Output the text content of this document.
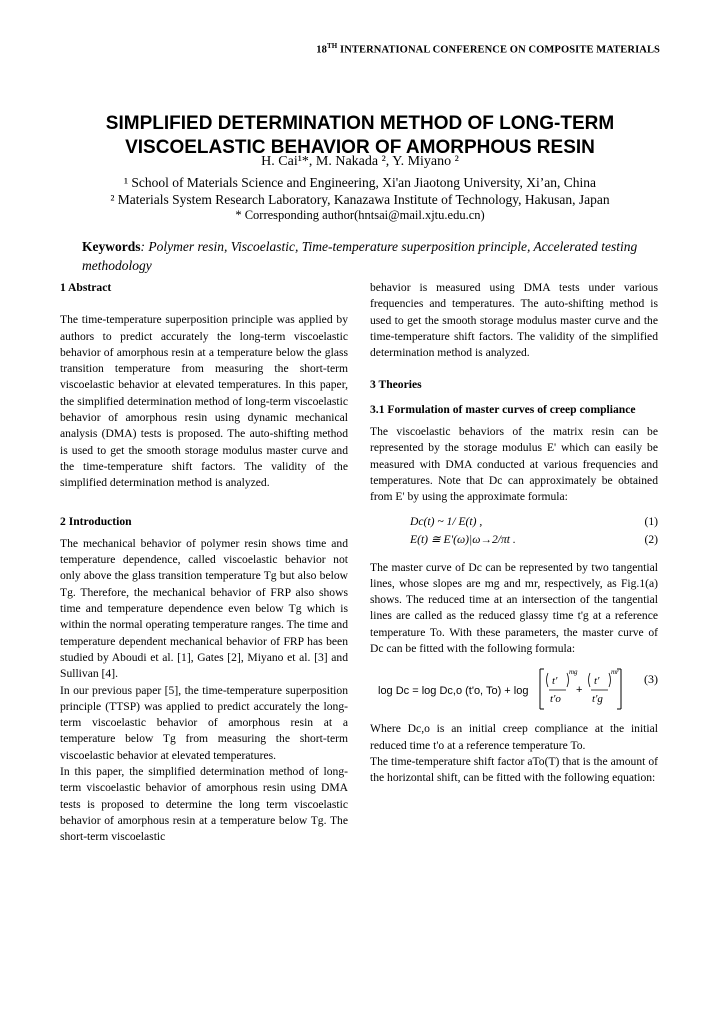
18TH INTERNATIONAL CONFERENCE ON COMPOSITE MATERIALS
SIMPLIFIED DETERMINATION METHOD OF LONG-TERM
VISCOELASTIC BEHAVIOR OF AMORPHOUS RESIN
H. Cai¹*, M. Nakada ², Y. Miyano ²
¹ School of Materials Science and Engineering, Xi'an Jiaotong University, Xi’an, China
² Materials System Research Laboratory, Kanazawa Institute of Technology, Hakusan, Japan
* Corresponding author(hntsai@mail.xjtu.edu.cn)
Keywords: Polymer resin, Viscoelastic, Time-temperature superposition principle, Accelerated testing methodology

1 Abstract

The time-temperature superposition principle was applied by authors to predict accurately the long-term viscoelastic behavior of amorphous resin at a temperature below the glass transition temperature from measuring the short-term viscoelastic behavior at elevated temperatures. In this paper, the simplified determination method of long-term viscoelastic behavior of amorphous resin using dynamic mechanical analysis (DMA) tests is proposed. The auto-shifting method is used to get the smooth storage modulus master curve and the time-temperature shift factors. The validity of the simplified determination method is analyzed.

2 Introduction

The mechanical behavior of polymer resin shows time and temperature dependence, called viscoelastic behavior not only above the glass transition temperature Tg but also below Tg. Therefore, the mechanical behavior of FRP also shows time and temperature dependence even below Tg which is within the normal operating temperature ranges. The time and temperature dependent mechanical behavior of FRP has been studied by Aboudi et al. [1], Gates [2], Miyano et al. [3] and Sullivan [4].

In our previous paper [5], the time-temperature superposition principle (TTSP) was applied to predict accurately the long-term viscoelastic behavior of amorphous resin at a temperature below Tg from measuring the short-term viscoelastic behavior at elevated temperatures.

In this paper, the simplified determination method of long-term viscoelastic behavior of amorphous resin using DMA tests is proposed to determine the long term viscoelastic behavior of amorphous resin at a temperature below Tg. The short-term viscoelastic

behavior is measured using DMA tests under various frequencies and temperatures. The auto-shifting method is used to get the smooth storage modulus master curve and the time-temperature shift factors. The validity of the simplified determination method is analyzed.

3 Theories

3.1 Formulation of master curves of creep compliance

The viscoelastic behaviors of the matrix resin can be represented by the storage modulus E' which can easily be measured with DMA conducted at various frequencies and temperatures. Note that Dc can approximately be obtained from E' by using the approximate formula:

Dc(t) ~ 1/ E(t) ,	(1)
E(t) ≅ E'(ω)|ω→2/πt .	(2)

The master curve of Dc can be represented by two tangential lines, whose slopes are mg and mr, respectively, as Fig.1(a) shows. The reduced time at an intersection of the tangential lines are called as the reduced glassy time t'g at a reference temperature To. With these parameters, the master curve of Dc can be fitted with the following formula:

log Dc = log Dc,o (t'o, To) + log
t'
mg
t'o
+
t'
mr
t'g
(3)

Where Dc,o is an initial creep compliance at the initial reduced time t'o at a reference temperature To.

The time-temperature shift factor aTo(T) that is the amount of the horizontal shift, can be fitted with the following equation:
